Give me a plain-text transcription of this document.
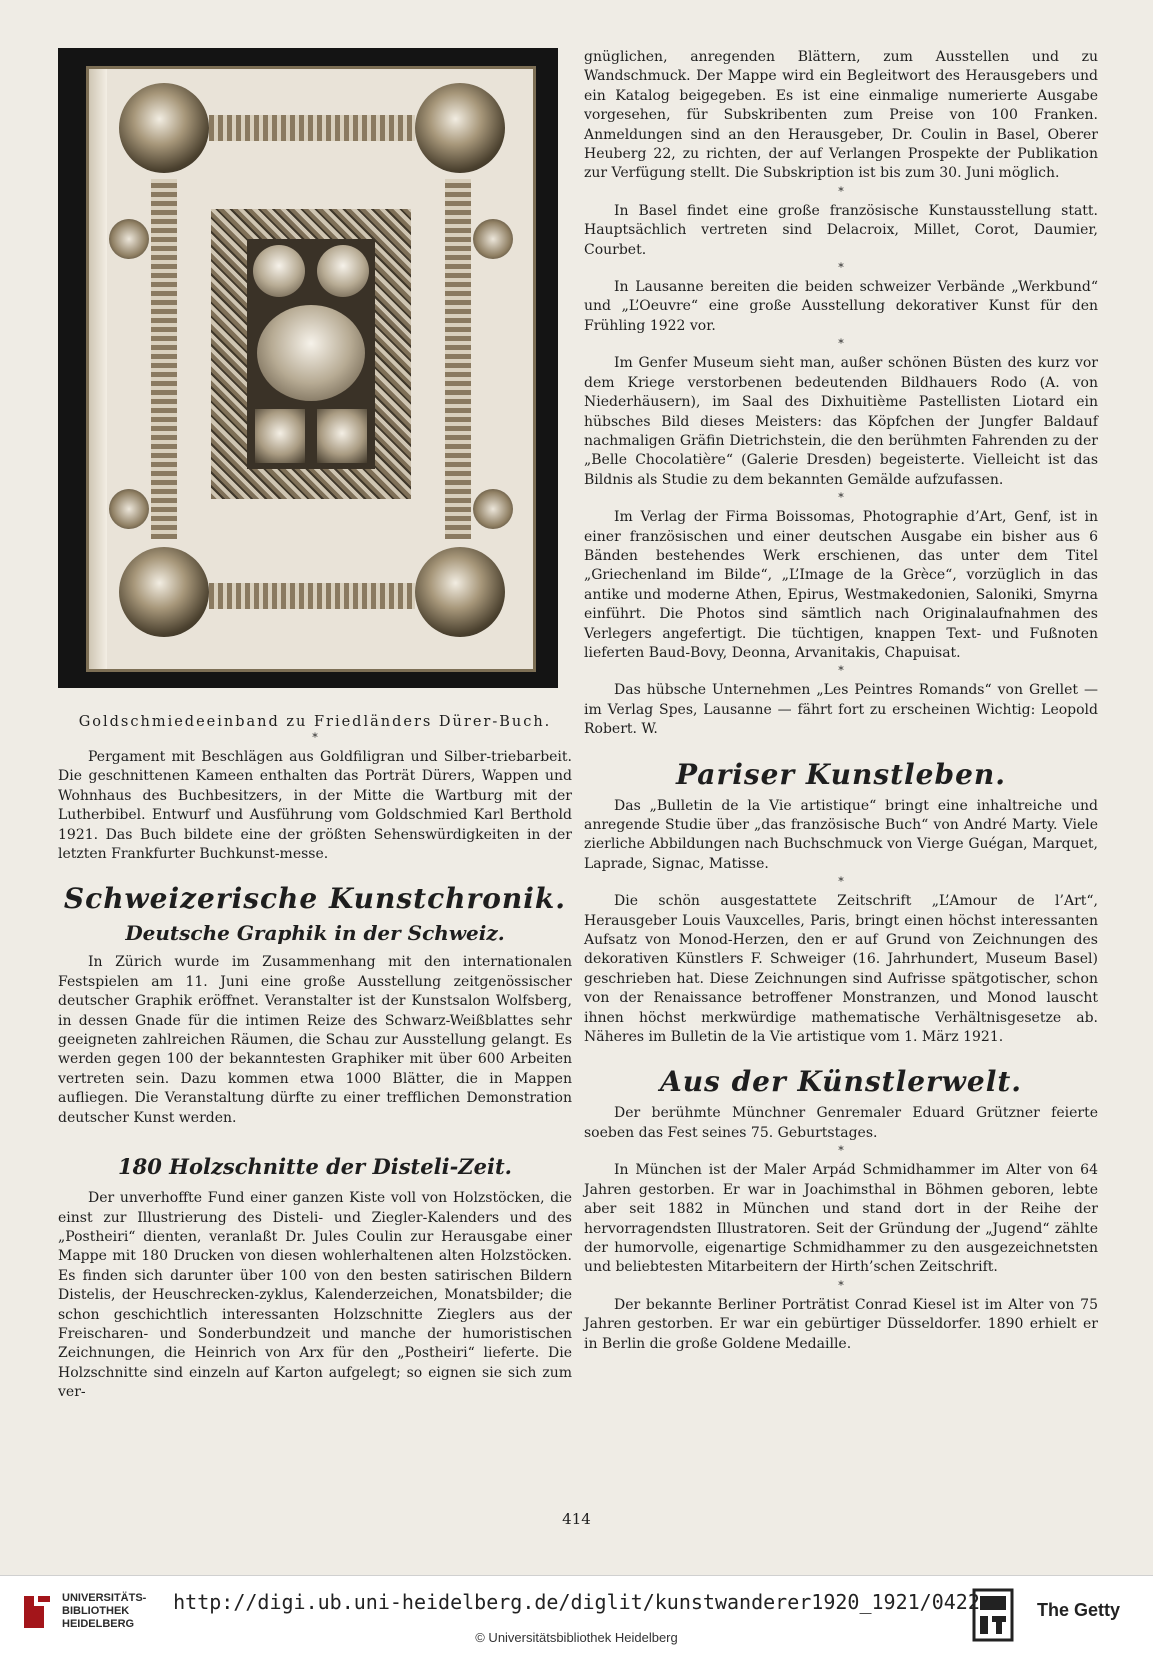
Goldschmiedeeinband zu Friedländers Dürer-Buch.
*

Pergament mit Beschlägen aus Goldfiligran und Silber-triebarbeit. Die geschnittenen Kameen enthalten das Porträt Dürers, Wappen und Wohnhaus des Buchbesitzers, in der Mitte die Wartburg mit der Lutherbibel. Entwurf und Ausführung vom Goldschmied Karl Berthold 1921. Das Buch bildete eine der größten Sehenswürdigkeiten in der letzten Frankfurter Buchkunst-messe.

Schweizerische Kunstchronik.
Deutsche Graphik in der Schweiz.

In Zürich wurde im Zusammenhang mit den internationalen Festspielen am 11. Juni eine große Ausstellung zeitgenössischer deutscher Graphik eröffnet. Veranstalter ist der Kunstsalon Wolfsberg, in dessen Gnade für die intimen Reize des Schwarz-Weißblattes sehr geeigneten zahlreichen Räumen, die Schau zur Ausstellung gelangt. Es werden gegen 100 der bekanntesten Graphiker mit über 600 Arbeiten vertreten sein. Dazu kommen etwa 1000 Blätter, die in Mappen aufliegen. Die Veranstaltung dürfte zu einer trefflichen Demonstration deutscher Kunst werden.

180 Holzschnitte der Disteli-Zeit.

Der unverhoffte Fund einer ganzen Kiste voll von Holzstöcken, die einst zur Illustrierung des Disteli- und Ziegler-Kalenders und des „Postheiri“ dienten, veranlaßt Dr. Jules Coulin zur Herausgabe einer Mappe mit 180 Drucken von diesen wohlerhaltenen alten Holzstöcken. Es finden sich darunter über 100 von den besten satirischen Bildern Distelis, der Heuschrecken-zyklus, Kalenderzeichen, Monatsbilder; die schon geschichtlich interessanten Holzschnitte Zieglers aus der Freischaren- und Sonderbundzeit und manche der humoristischen Zeichnungen, die Heinrich von Arx für den „Postheiri“ lieferte. Die Holzschnitte sind einzeln auf Karton aufgelegt; so eignen sie sich zum ver-

gnüglichen, anregenden Blättern, zum Ausstellen und zu Wandschmuck. Der Mappe wird ein Begleitwort des Herausgebers und ein Katalog beigegeben. Es ist eine einmalige numerierte Ausgabe vorgesehen, für Subskribenten zum Preise von 100 Franken. Anmeldungen sind an den Herausgeber, Dr. Coulin in Basel, Oberer Heuberg 22, zu richten, der auf Verlangen Prospekte der Publikation zur Verfügung stellt. Die Subskription ist bis zum 30. Juni möglich.

*

In Basel findet eine große französische Kunstausstellung statt. Hauptsächlich vertreten sind Delacroix, Millet, Corot, Daumier, Courbet.

*

In Lausanne bereiten die beiden schweizer Verbände „Werkbund“ und „L’Oeuvre“ eine große Ausstellung dekorativer Kunst für den Frühling 1922 vor.

*

Im Genfer Museum sieht man, außer schönen Büsten des kurz vor dem Kriege verstorbenen bedeutenden Bildhauers Rodo (A. von Niederhäusern), im Saal des Dixhuitième Pastellisten Liotard ein hübsches Bild dieses Meisters: das Köpfchen der Jungfer Baldauf nachmaligen Gräfin Dietrichstein, die den berühmten Fahrenden zu der „Belle Chocolatière“ (Galerie Dresden) begeisterte. Vielleicht ist das Bildnis als Studie zu dem bekannten Gemälde aufzufassen.

*

Im Verlag der Firma Boissomas, Photographie d’Art, Genf, ist in einer französischen und einer deutschen Ausgabe ein bisher aus 6 Bänden bestehendes Werk erschienen, das unter dem Titel „Griechenland im Bilde“, „L’Image de la Grèce“, vorzüglich in das antike und moderne Athen, Epirus, Westmakedonien, Saloniki, Smyrna einführt. Die Photos sind sämtlich nach Originalaufnahmen des Verlegers angefertigt. Die tüchtigen, knappen Text- und Fußnoten lieferten Baud-Bovy, Deonna, Arvanitakis, Chapuisat.

*

Das hübsche Unternehmen „Les Peintres Romands“ von Grellet — im Verlag Spes, Lausanne — fährt fort zu erscheinen Wichtig: Leopold Robert. W.

Pariser Kunstleben.

Das „Bulletin de la Vie artistique“ bringt eine inhaltreiche und anregende Studie über „das französische Buch“ von André Marty. Viele zierliche Abbildungen nach Buchschmuck von Vierge Guégan, Marquet, Laprade, Signac, Matisse.

*

Die schön ausgestattete Zeitschrift „L’Amour de l’Art“, Herausgeber Louis Vauxcelles, Paris, bringt einen höchst interessanten Aufsatz von Monod-Herzen, den er auf Grund von Zeichnungen des dekorativen Künstlers F. Schweiger (16. Jahrhundert, Museum Basel) geschrieben hat. Diese Zeichnungen sind Aufrisse spätgotischer, schon von der Renaissance betroffener Monstranzen, und Monod lauscht ihnen höchst merkwürdige mathematische Verhältnisgesetze ab. Näheres im Bulletin de la Vie artistique vom 1. März 1921.

Aus der Künstlerwelt.

Der berühmte Münchner Genremaler Eduard Grützner feierte soeben das Fest seines 75. Geburtstages.

*

In München ist der Maler Arpád Schmidhammer im Alter von 64 Jahren gestorben. Er war in Joachimsthal in Böhmen geboren, lebte aber seit 1882 in München und stand dort in der Reihe der hervorragendsten Illustratoren. Seit der Gründung der „Jugend“ zählte der humorvolle, eigenartige Schmidhammer zu den ausgezeichnetsten und beliebtesten Mitarbeitern der Hirth’schen Zeitschrift.

*

Der bekannte Berliner Porträtist Conrad Kiesel ist im Alter von 75 Jahren gestorben. Er war ein gebürtiger Düsseldorfer. 1890 erhielt er in Berlin die große Goldene Medaille.

414
UNIVERSITÄTS-
BIBLIOTHEK
HEIDELBERG
http://digi.ub.uni-heidelberg.de/diglit/kunstwanderer1920_1921/0422
© Universitätsbibliothek Heidelberg
The Getty
